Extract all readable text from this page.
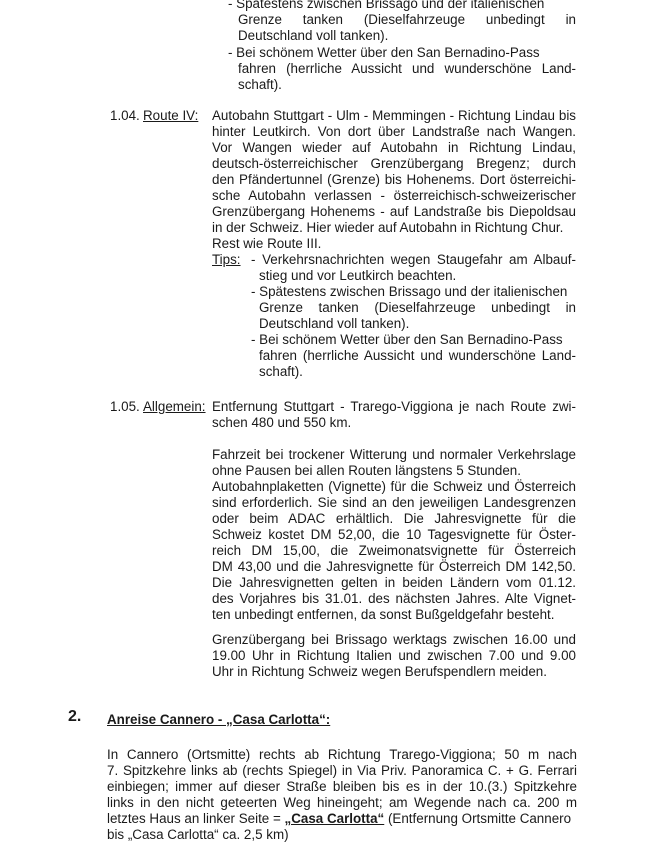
- Spätestens zwischen Brissago und der italienischen
Grenze tanken (Dieselfahrzeuge unbedingt in
Deutschland voll tanken).
- Bei schönem Wetter über den San Bernadino-Pass
fahren (herrliche Aussicht und wunderschöne Land-
schaft).
1.04. Route IV: Autobahn Stuttgart - Ulm - Memmingen - Richtung Lindau bis
hinter Leutkirch. Von dort über Landstraße nach Wangen.
Vor Wangen wieder auf Autobahn in Richtung Lindau,
deutsch-österreichischer Grenzübergang Bregenz; durch
den Pfändertunnel (Grenze) bis Hohenems. Dort österreichi-
sche Autobahn verlassen - österreichisch-schweizerischer
Grenzübergang Hohenems - auf Landstraße bis Diepoldsau
in der Schweiz. Hier wieder auf Autobahn in Richtung Chur.
Rest wie Route III.
Tips: - Verkehrsnachrichten wegen Staugefahr am Albauf-
stieg und vor Leutkirch beachten.
- Spätestens zwischen Brissago und der italienischen
Grenze tanken (Dieselfahrzeuge unbedingt in
Deutschland voll tanken).
- Bei schönem Wetter über den San Bernadino-Pass
fahren (herrliche Aussicht und wunderschöne Land-
schaft).
1.05. Allgemein: Entfernung Stuttgart - Trarego-Viggiona je nach Route zwi-
schen 480 und 550 km.
Fahrzeit bei trockener Witterung und normaler Verkehrslage
ohne Pausen bei allen Routen längstens 5 Stunden.
Autobahnplaketten (Vignette) für die Schweiz und Österreich
sind erforderlich. Sie sind an den jeweiligen Landesgrenzen
oder beim ADAC erhältlich. Die Jahresvignette für die
Schweiz kostet DM 52,00, die 10 Tagesvignette für Öster-
reich DM 15,00, die Zweimonatsvignette für Österreich
DM 43,00 und die Jahresvignette für Österreich DM 142,50.
Die Jahresvignetten gelten in beiden Ländern vom 01.12.
des Vorjahres bis 31.01. des nächsten Jahres. Alte Vignet-
ten unbedingt entfernen, da sonst Bußgeldgefahr besteht.
Grenzübergang bei Brissago werktags zwischen 16.00 und
19.00 Uhr in Richtung Italien und zwischen 7.00 und 9.00
Uhr in Richtung Schweiz wegen Berufspendlern meiden.
2. Anreise Cannero - „Casa Carlotta“:
In Cannero (Ortsmitte) rechts ab Richtung Trarego-Viggiona; 50 m nach
7. Spitzkehre links ab (rechts Spiegel) in Via Priv. Panoramica C. + G. Ferrari
einbiegen; immer auf dieser Straße bleiben bis es in der 10.(3.) Spitzkehre
links in den nicht geteerten Weg hineingeht; am Wegende nach ca. 200 m
letztes Haus an linker Seite = „Casa Carlotta“ (Entfernung Ortsmitte Cannero
bis „Casa Carlotta“ ca. 2,5 km)
